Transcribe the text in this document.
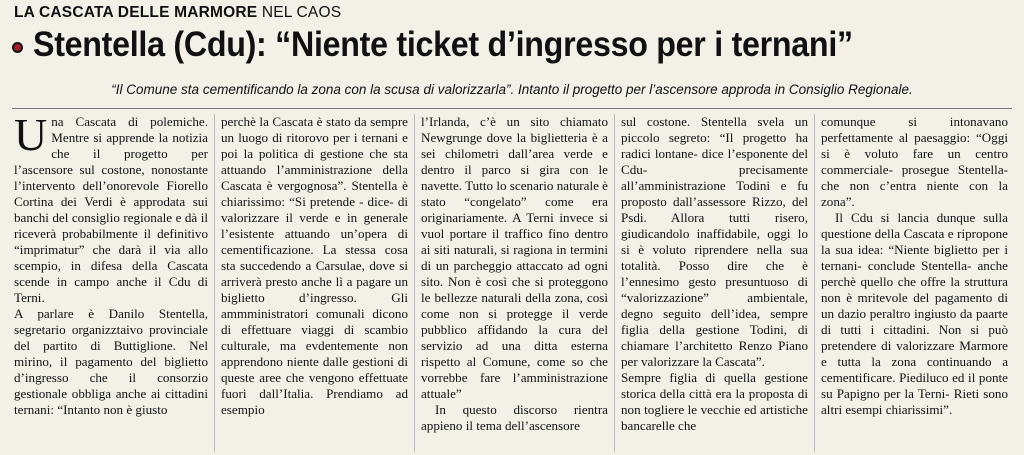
LA CASCATA DELLE MARMORE NEL CAOS
Stentella (Cdu): “Niente ticket d’ingresso per i ternani”
“Il Comune sta cementificando la zona con la scusa di valorizzarla”. Intanto il progetto per l’ascensore approda in Consiglio Regionale.

Una Cascata di polemiche. Mentre si apprende la notizia che il progetto per l’ascensore sul costone, nonostante l’intervento dell’onorevole Fiorello Cortina dei Verdi è approdata sui banchi del consiglio regionale e dà il riceverà probabilmente il definitivo “imprimatur” che darà il via allo scempio, in difesa della Cascata scende in campo anche il Cdu di Terni.

A parlare è Danilo Stentella, segretario organizztaivo provinciale del partito di Buttiglione. Nel mirino, il pagamento del biglietto d’ingresso che il consorzio gestionale obbliga anche ai cittadini ternani: “Intanto non è giusto

perchè la Cascata è stato da sempre un luogo di ritorovo per i ternani e poi la politica di gestione che sta attuando l’amministrazione della Cascata è vergognosa”. Stentella è chiarissimo: “Si pretende - dice- di valorizzare il verde e in generale l’esistente attuando un’opera di cementificazione. La stessa cosa sta succedendo a Carsulae, dove si arriverà presto anche lì a pagare un biglietto d’ingresso. Gli ammministratori comunali dicono di effettuare viaggi di scambio culturale, ma evdentemente non apprendono niente dalle gestioni di queste aree che vengono effettuate fuori dall’Italia. Prendiamo ad esempio

l’Irlanda, c’è un sito chiamato Newgrunge dove la biglietteria è a sei chilometri dall’area verde e dentro il parco si gira con le navette. Tutto lo scenario naturale è stato “congelato” come era originariamente. A Terni invece si vuol portare il traffico fino dentro ai siti naturali, si ragiona in termini di un parcheggio attaccato ad ogni sito. Non è così che si proteggono le bellezze naturali della zona, così come non si protegge il verde pubblico affidando la cura del servizio ad una ditta esterna rispetto al Comune, come so che vorrebbe fare l’amministrazione attuale”

In questo discorso rientra appieno il tema dell’ascensore

sul costone. Stentella svela un piccolo segreto: “Il progetto ha radici lontane- dice l’esponente del Cdu- precisamente all’amministrazione Todini e fu proposto dall’assessore Rizzo, del Psdi. Allora tutti risero, giudicandolo inaffidabile, oggi lo si è voluto riprendere nella sua totalità. Posso dire che è l’ennesimo gesto presuntuoso di “valorizzazione” ambientale, degno seguito dell’idea, sempre figlia della gestione Todini, di chiamare l’architetto Renzo Piano per valorizzare la Cascata”.

Sempre figlia di quella gestione storica della città era la proposta di non togliere le vecchie ed artistiche bancarelle che

comunque si intonavano perfettamente al paesaggio: “Oggi si è voluto fare un centro commerciale- prosegue Stentella- che non c’entra niente con la zona”.

Il Cdu si lancia dunque sulla questione della Cascata e ripropone la sua idea: “Niente biglietto per i ternani- conclude Stentella- anche perchè quello che offre la struttura non è mritevole del pagamento di un dazio peraltro ingiusto da paarte di tutti i cittadini. Non si può pretendere di valorizzare Marmore e tutta la zona continuando a cementificare. Piediluco ed il ponte su Papigno per la Terni- Rieti sono altri esempi chiarissimi”.
